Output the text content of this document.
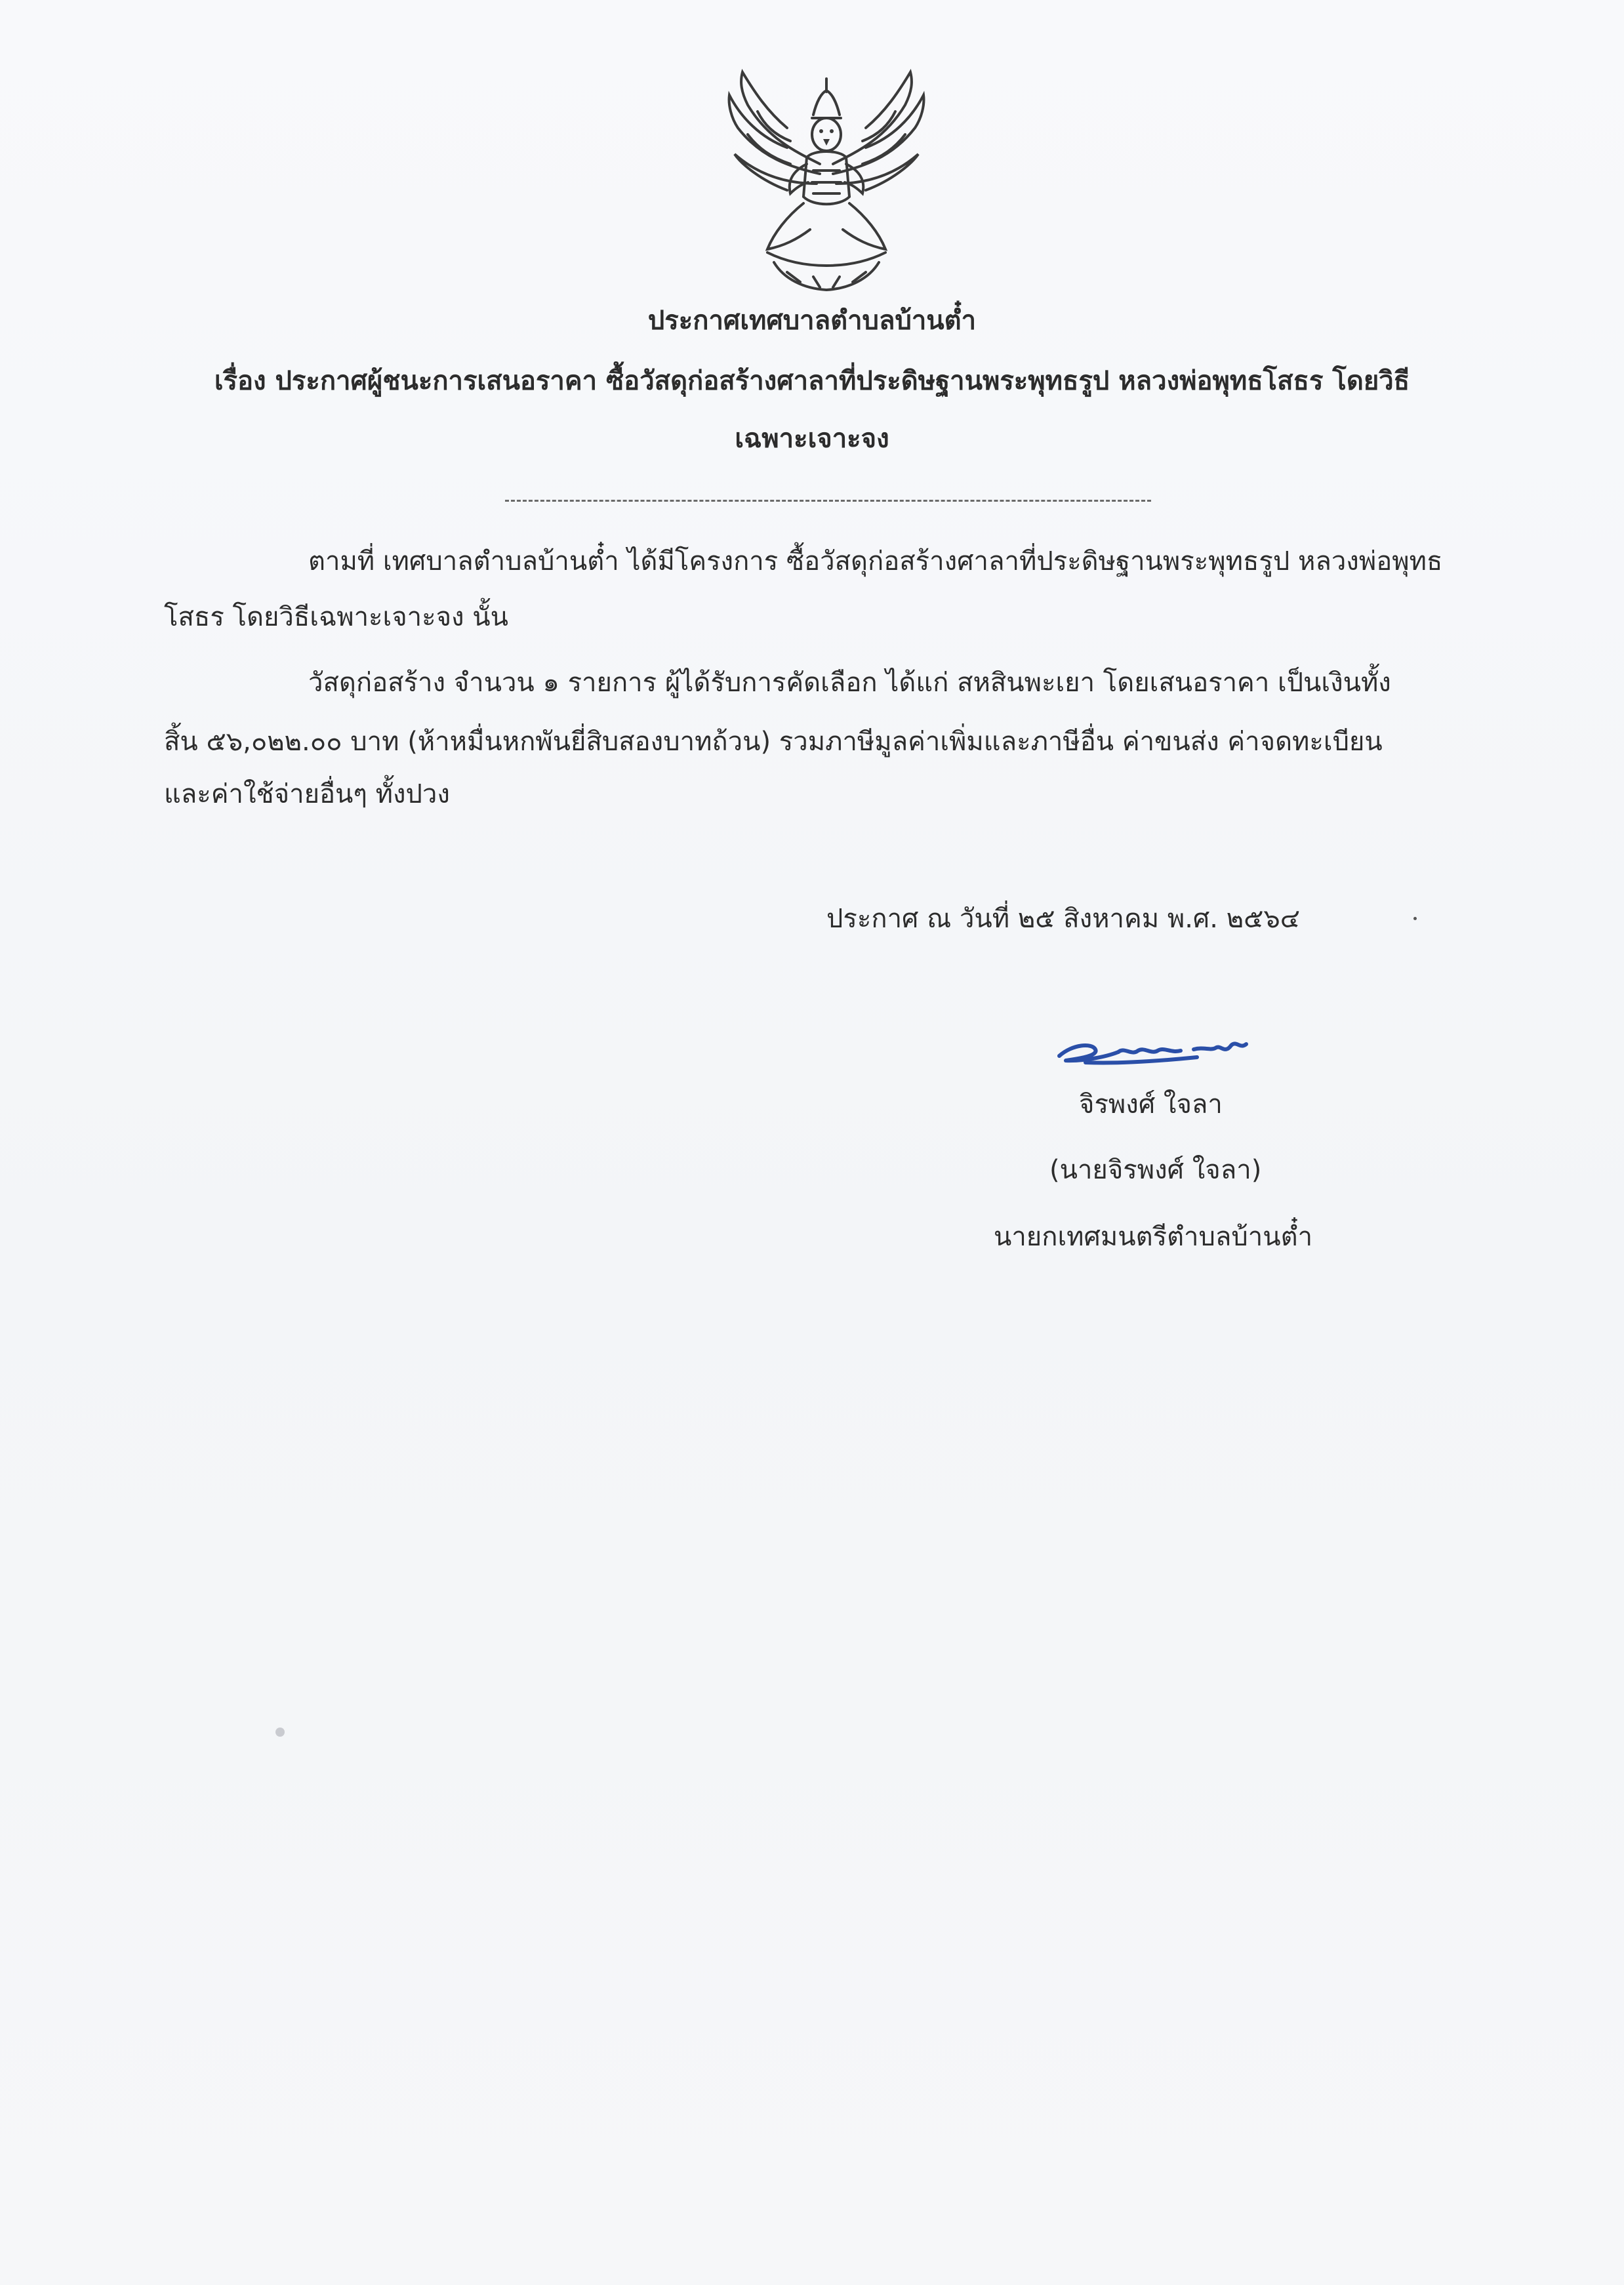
ประกาศเทศบาลตำบลบ้านต๋ำ
เรื่อง ประกาศผู้ชนะการเสนอราคา ซื้อวัสดุก่อสร้างศาลาที่ประดิษฐานพระพุทธรูป หลวงพ่อพุทธโสธร โดยวิธี
เฉพาะเจาะจง
ตามที่ เทศบาลตำบลบ้านต๋ำ ได้มีโครงการ ซื้อวัสดุก่อสร้างศาลาที่ประดิษฐานพระพุทธรูป หลวงพ่อพุทธ
โสธร โดยวิธีเฉพาะเจาะจง นั้น
วัสดุก่อสร้าง จำนวน ๑ รายการ ผู้ได้รับการคัดเลือก ได้แก่ สหสินพะเยา โดยเสนอราคา เป็นเงินทั้ง
สิ้น ๕๖,๐๒๒.๐๐ บาท (ห้าหมื่นหกพันยี่สิบสองบาทถ้วน) รวมภาษีมูลค่าเพิ่มและภาษีอื่น ค่าขนส่ง ค่าจดทะเบียน
และค่าใช้จ่ายอื่นๆ ทั้งปวง
ประกาศ ณ วันที่ ๒๕ สิงหาคม พ.ศ. ๒๕๖๔
จิรพงศ์ ใจลา
(นายจิรพงศ์ ใจลา)
นายกเทศมนตรีตำบลบ้านต๋ำ
